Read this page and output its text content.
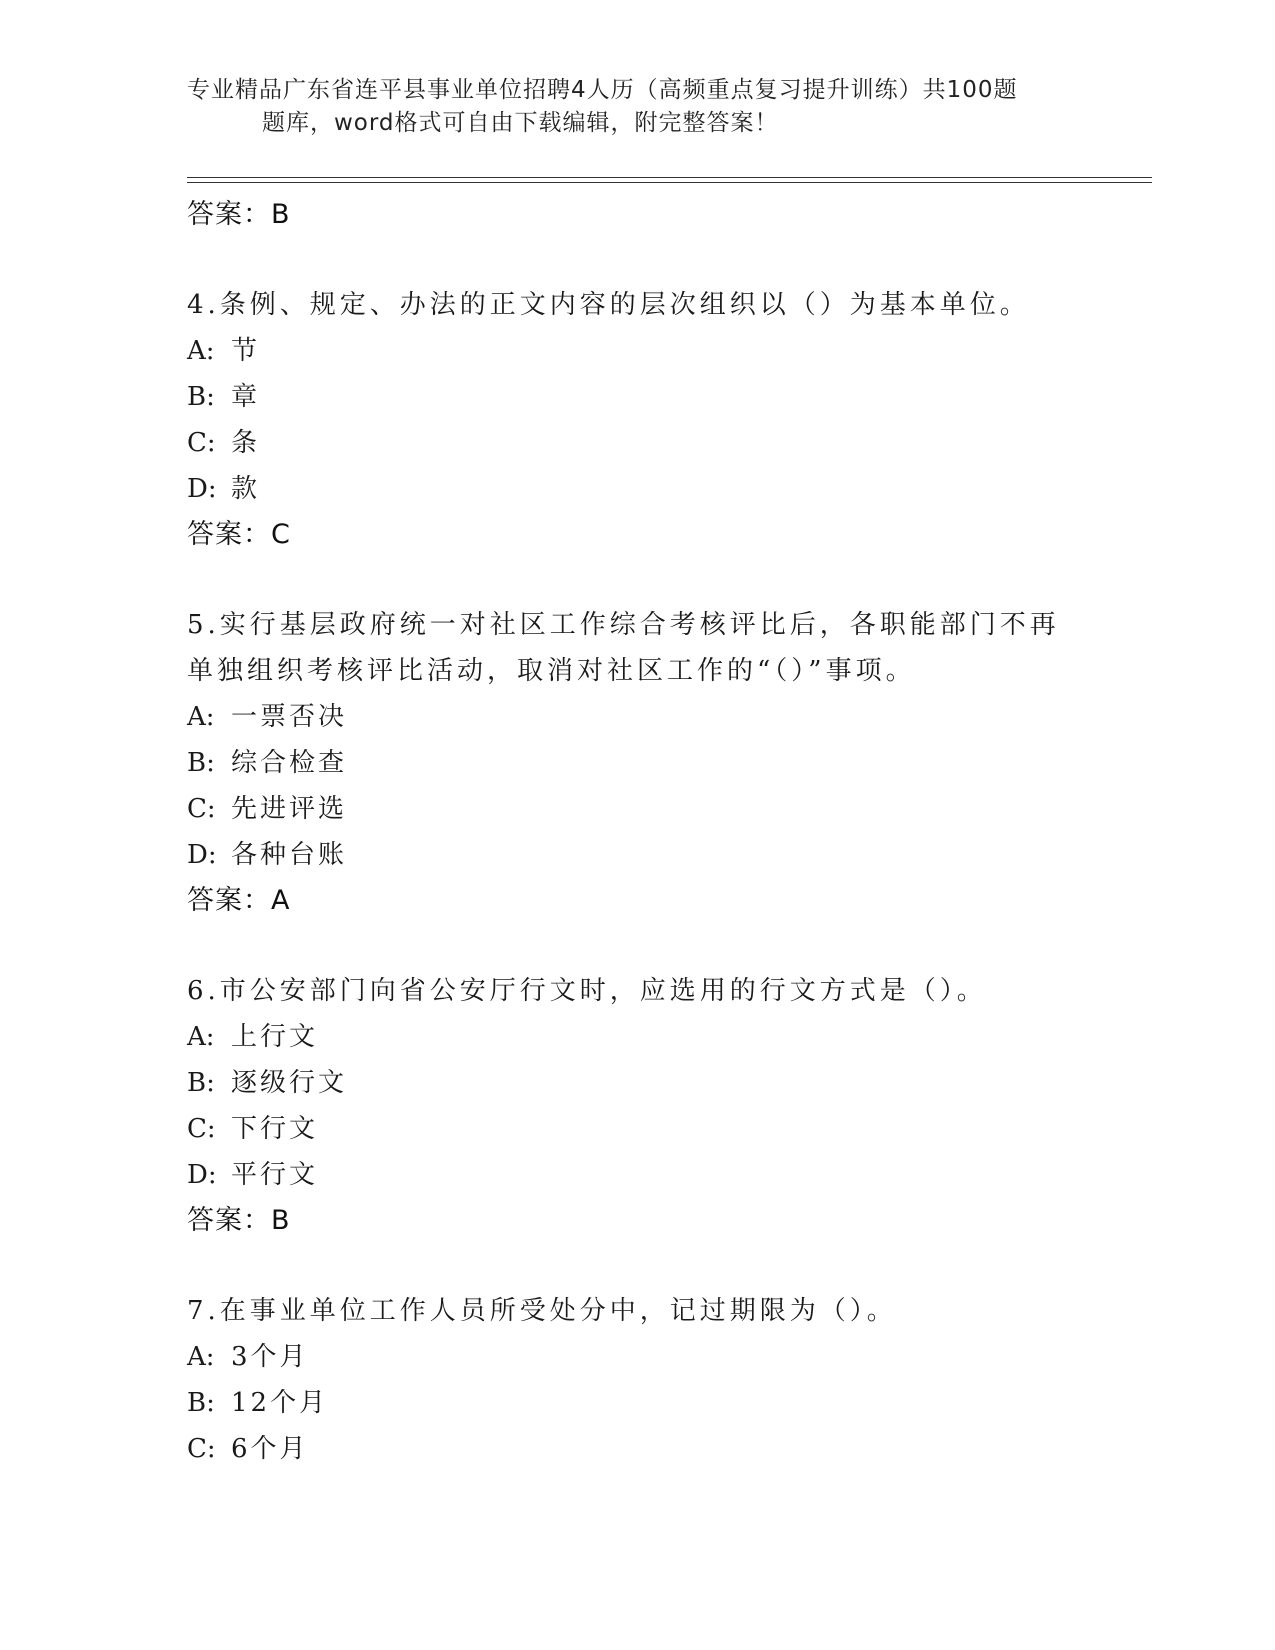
专业精品广东省连平县事业单位招聘4人历（高频重点复习提升训练）共100题
题库，word格式可自由下载编辑，附完整答案！
答案：B
4.条例、规定、办法的正文内容的层次组织以（）为基本单位。
A: 节
B: 章
C: 条
D: 款
答案：C
5.实行基层政府统一对社区工作综合考核评比后，各职能部门不再单独组织考核评比活动，取消对社区工作的“（）”事项。
A: 一票否决
B: 综合检查
C: 先进评选
D: 各种台账
答案：A
6.市公安部门向省公安厅行文时，应选用的行文方式是（）。
A: 上行文
B: 逐级行文
C: 下行文
D: 平行文
答案：B
7.在事业单位工作人员所受处分中，记过期限为（）。
A: 3个月
B: 12个月
C: 6个月
